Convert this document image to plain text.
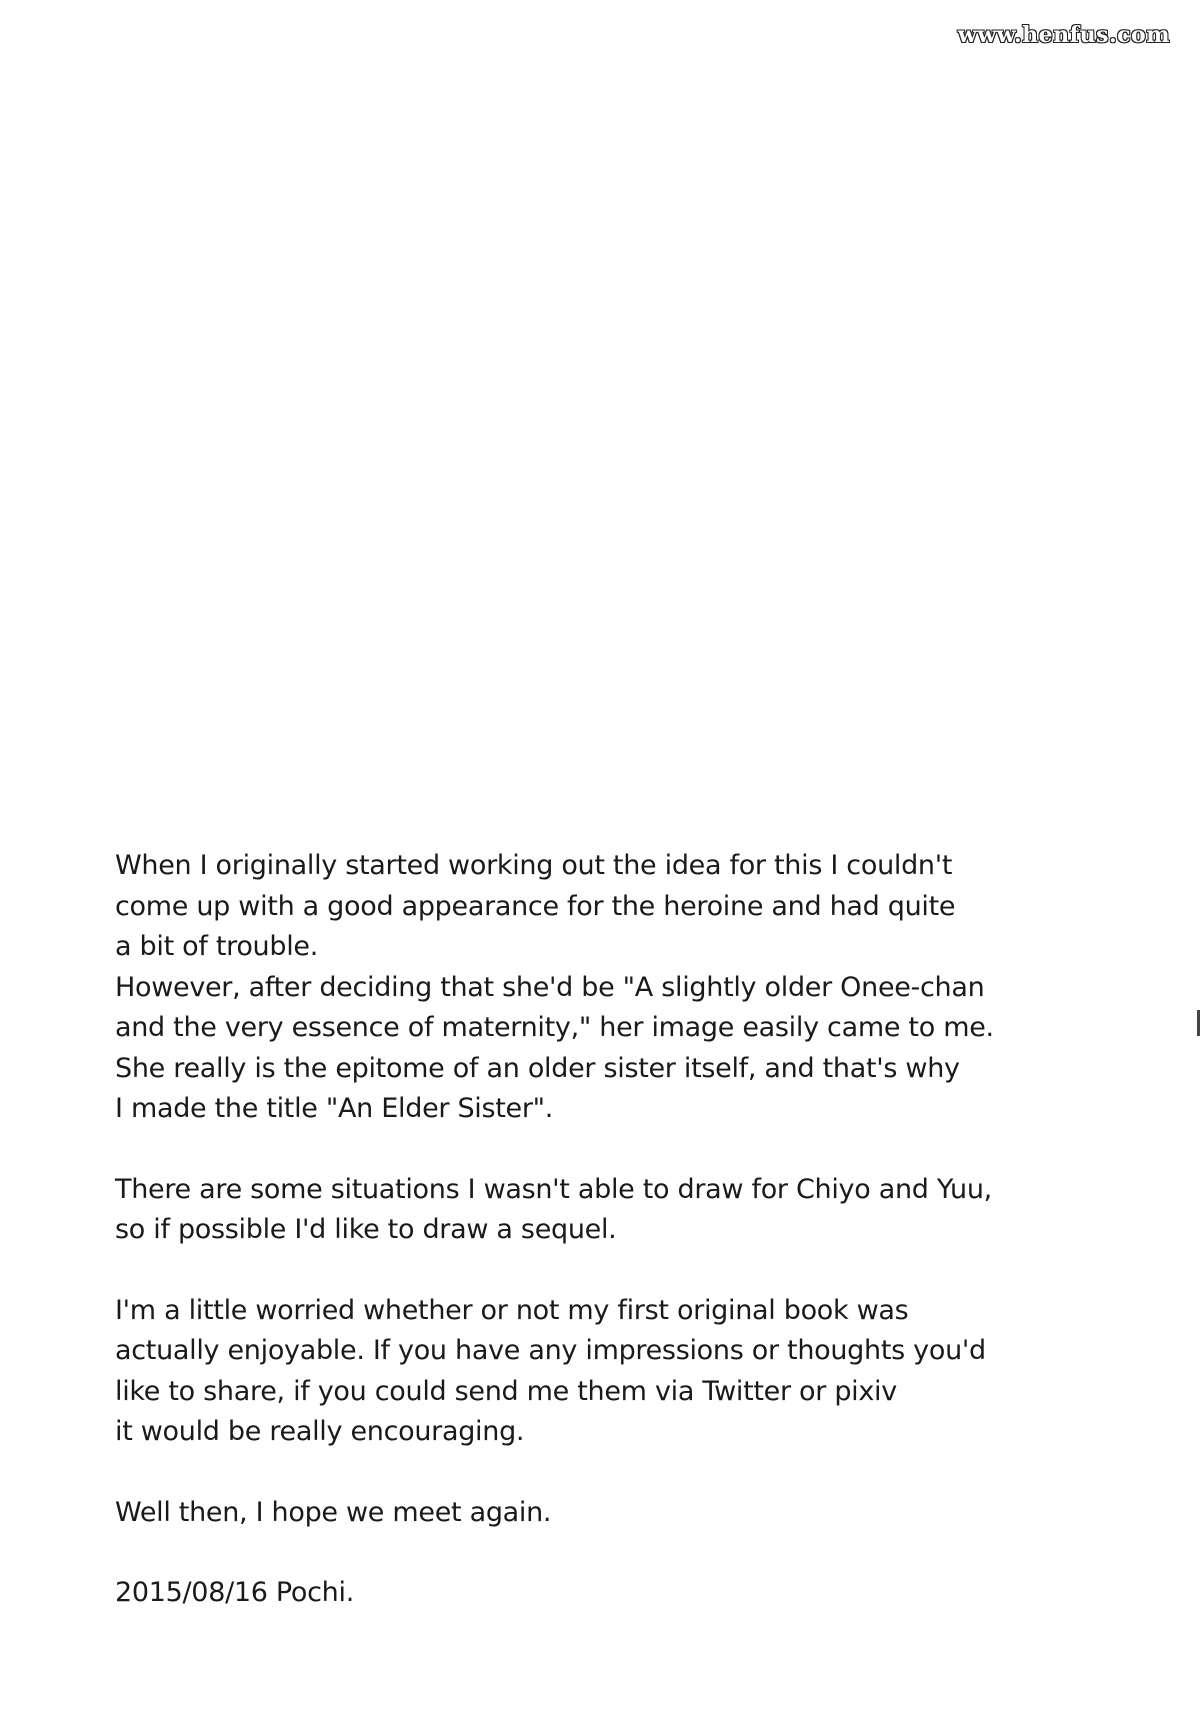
www.henfus.com
When I originally started working out the idea for this I couldn't
come up with a good appearance for the heroine and had quite
a bit of trouble.
However, after deciding that she'd be "A slightly older Onee-chan
and the very essence of maternity," her image easily came to me.
She really is the epitome of an older sister itself, and that's why
I made the title "An Elder Sister".
There are some situations I wasn't able to draw for Chiyo and Yuu,
so if possible I'd like to draw a sequel.
I'm a little worried whether or not my first original book was
actually enjoyable. If you have any impressions or thoughts you'd
like to share, if you could send me them via Twitter or pixiv
it would be really encouraging.
Well then, I hope we meet again.
2015/08/16 Pochi.
